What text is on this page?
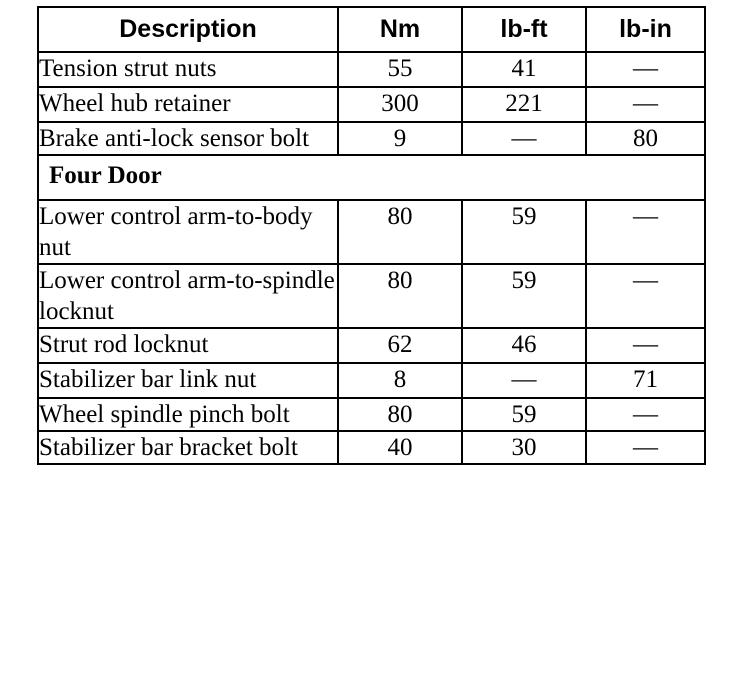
Description	Nm	lb-ft	lb-in
Tension strut nuts	55	41	—
Wheel hub retainer	300	221	—
Brake anti-lock sensor bolt	9	—	80
Four Door			
Lower control arm-to-body nut	80	59	—
Lower control arm-to-spindle locknut	80	59	—
Strut rod locknut	62	46	—
Stabilizer bar link nut	8	—	71
Wheel spindle pinch bolt	80	59	—
Stabilizer bar bracket bolt	40	30	—
